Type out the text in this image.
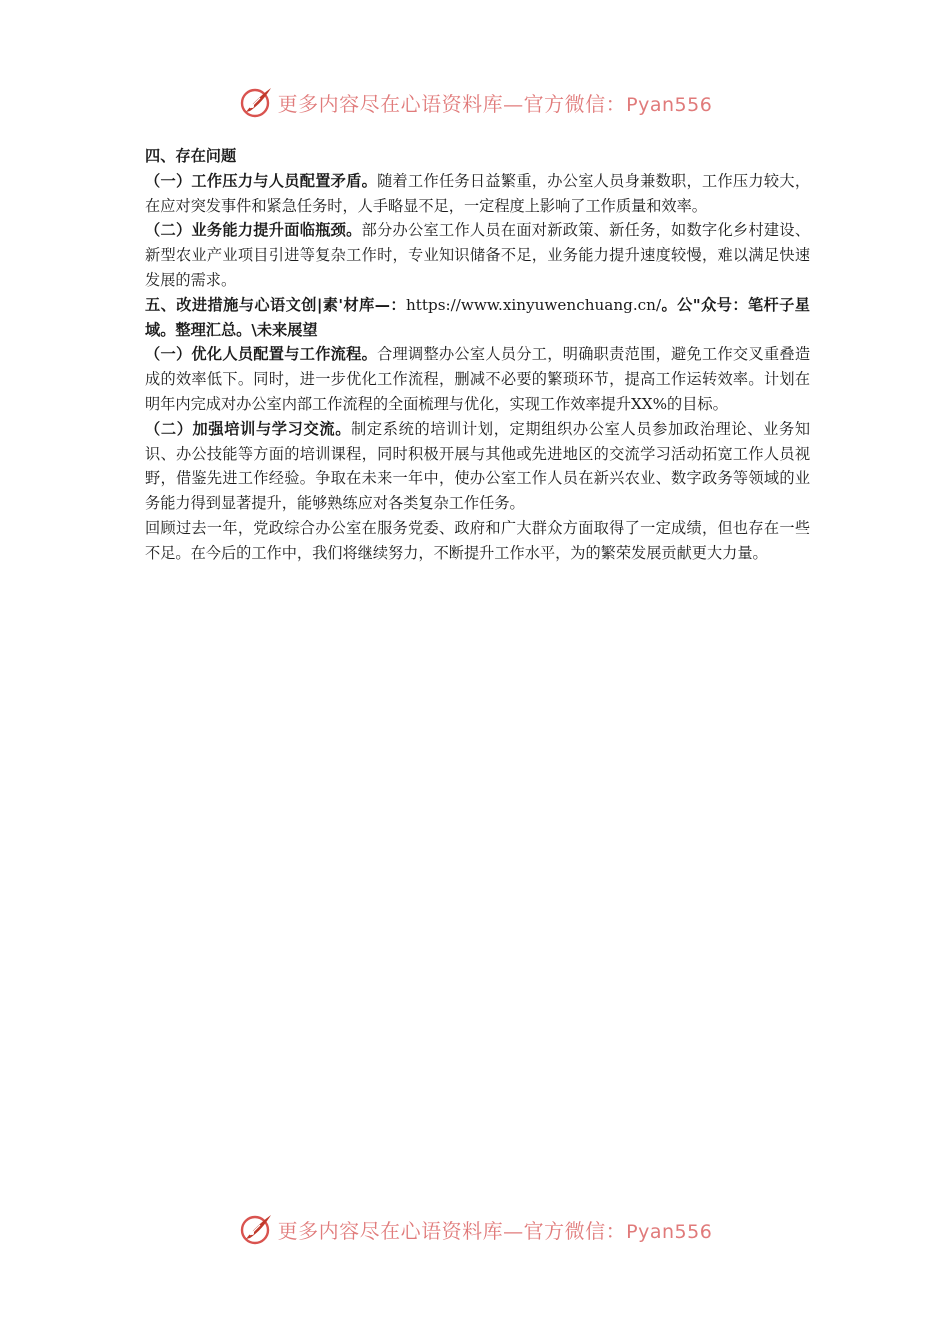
更多内容尽在心语资料库—官方微信：Pyan556

四、存在问题

（一）工作压力与人员配置矛盾。随着工作任务日益繁重，办公室人员身兼数职，工作压力较大，在应对突发事件和紧急任务时，人手略显不足，一定程度上影响了工作质量和效率。

（二）业务能力提升面临瓶颈。部分办公室工作人员在面对新政策、新任务，如数字化乡村建设、新型农业产业项目引进等复杂工作时，专业知识储备不足，业务能力提升速度较慢，难以满足快速发展的需求。

五、改进措施与心语文创|素'材库—：https://www.xinyuwenchuang.cn/。公"众号：笔杆子星域。整理汇总。\未来展望

（一）优化人员配置与工作流程。合理调整办公室人员分工，明确职责范围，避免工作交叉重叠造成的效率低下。同时，进一步优化工作流程，删减不必要的繁琐环节，提高工作运转效率。计划在明年内完成对办公室内部工作流程的全面梳理与优化，实现工作效率提升XX%的目标。

（二）加强培训与学习交流。制定系统的培训计划，定期组织办公室人员参加政治理论、业务知识、办公技能等方面的培训课程，同时积极开展与其他或先进地区的交流学习活动拓宽工作人员视野，借鉴先进工作经验。争取在未来一年中，使办公室工作人员在新兴农业、数字政务等领域的业务能力得到显著提升，能够熟练应对各类复杂工作任务。

回顾过去一年，党政综合办公室在服务党委、政府和广大群众方面取得了一定成绩，但也存在一些不足。在今后的工作中，我们将继续努力，不断提升工作水平，为的繁荣发展贡献更大力量。

更多内容尽在心语资料库—官方微信：Pyan556
